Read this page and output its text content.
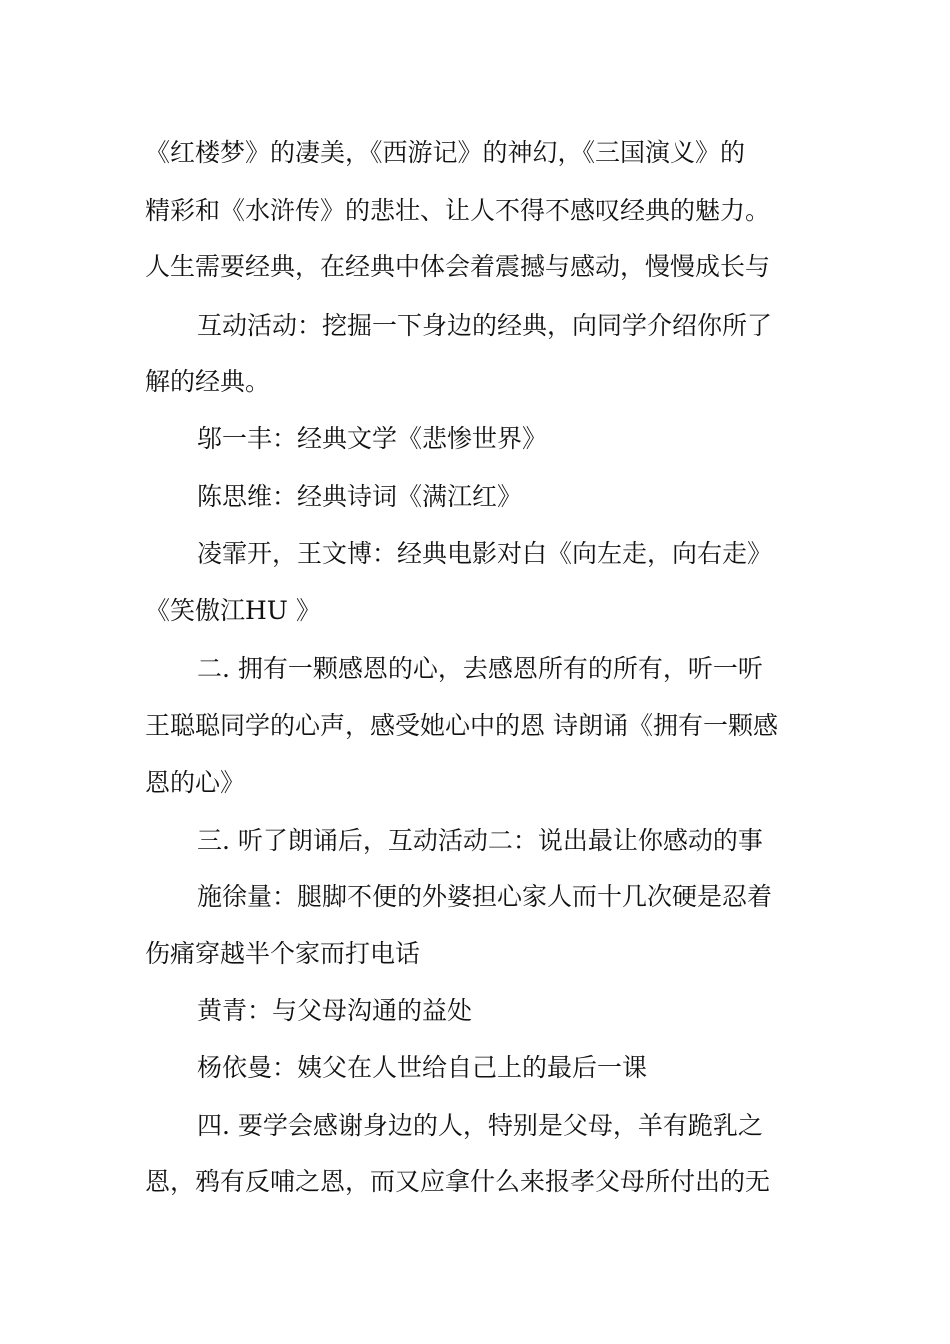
《红楼梦》的凄美，《西游记》的神幻，《三国演义》的
精彩和《水浒传》的悲壮、让人不得不感叹经典的魅力。
人生需要经典，在经典中体会着震撼与感动，慢慢成长与
互动活动：挖掘一下身边的经典，向同学介绍你所了
解的经典。
邬一丰：经典文学《悲惨世界》
陈思维：经典诗词《满江红》
凌霏开，王文博：经典电影对白《向左走，向右走》
《笑傲江HU 》
二. 拥有一颗感恩的心，去感恩所有的所有，听一听
王聪聪同学的心声，感受她心中的恩 诗朗诵《拥有一颗感
恩的心》
三. 听了朗诵后，互动活动二：说出最让你感动的事
施徐量：腿脚不便的外婆担心家人而十几次硬是忍着
伤痛穿越半个家而打电话
黄青：与父母沟通的益处
杨依曼：姨父在人世给自己上的最后一课
四. 要学会感谢身边的人，特别是父母，羊有跪乳之
恩，鸦有反哺之恩，而又应拿什么来报孝父母所付出的无
